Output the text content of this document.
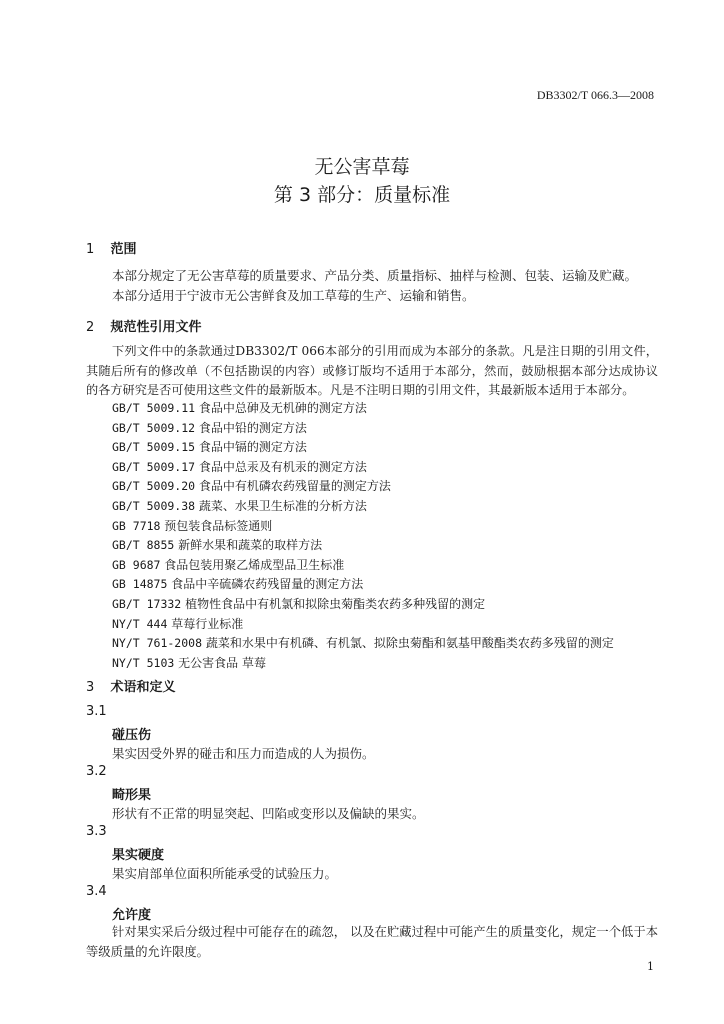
DB3302/T 066.3—2008
无公害草莓
第 3 部分：质量标准
1 范围
本部分规定了无公害草莓的质量要求、产品分类、质量指标、抽样与检测、包装、运输及贮藏。
本部分适用于宁波市无公害鲜食及加工草莓的生产、运输和销售。
2 规范性引用文件
下列文件中的条款通过DB3302/T 066本部分的引用而成为本部分的条款。凡是注日期的引用文件，其随后所有的修改单（不包括勘误的内容）或修订版均不适用于本部分，然而，鼓励根据本部分达成协议的各方研究是否可使用这些文件的最新版本。凡是不注明日期的引用文件，其最新版本适用于本部分。
GB/T 5009.11 食品中总砷及无机砷的测定方法
GB/T 5009.12 食品中铅的测定方法
GB/T 5009.15 食品中镉的测定方法
GB/T 5009.17 食品中总汞及有机汞的测定方法
GB/T 5009.20 食品中有机磷农药残留量的测定方法
GB/T 5009.38 蔬菜、水果卫生标准的分析方法
GB 7718 预包装食品标签通则
GB/T 8855 新鲜水果和蔬菜的取样方法
GB 9687 食品包装用聚乙烯成型品卫生标准
GB 14875 食品中辛硫磷农药残留量的测定方法
GB/T 17332 植物性食品中有机氯和拟除虫菊酯类农药多种残留的测定
NY/T 444 草莓行业标准
NY/T 761-2008 蔬菜和水果中有机磷、有机氯、拟除虫菊酯和氨基甲酸酯类农药多残留的测定
NY/T 5103 无公害食品 草莓
3 术语和定义
3.1
碰压伤
果实因受外界的碰击和压力而造成的人为损伤。
3.2
畸形果
形状有不正常的明显突起、凹陷或变形以及偏缺的果实。
3.3
果实硬度
果实肩部单位面积所能承受的试验压力。
3.4
允许度
针对果实采后分级过程中可能存在的疏忽， 以及在贮藏过程中可能产生的质量变化，规定一个低于本等级质量的允许限度。
1
